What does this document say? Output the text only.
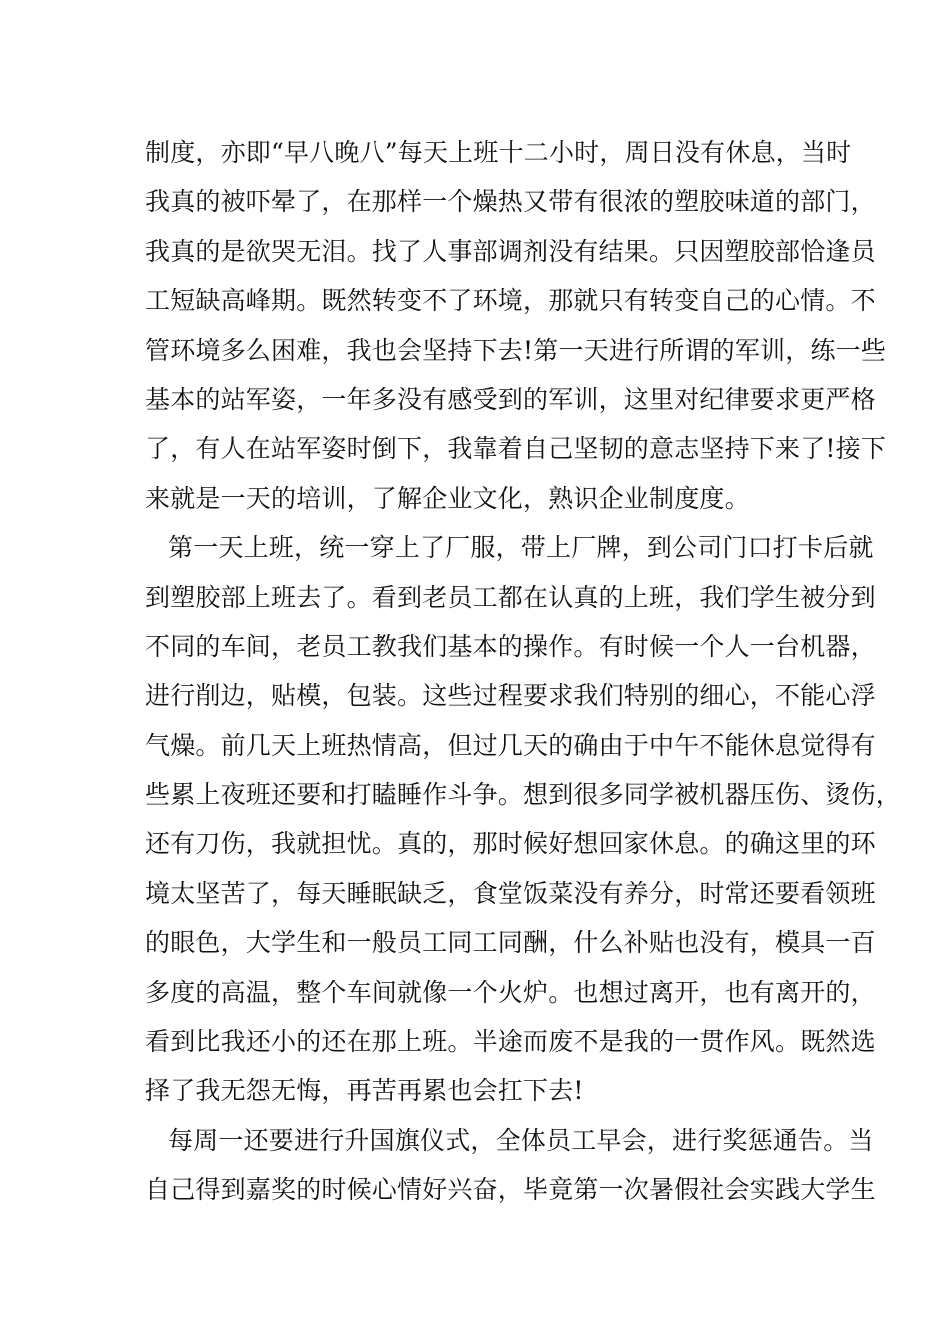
制度，亦即“早八晚八”每天上班十二小时，周日没有休息，当时
我真的被吓晕了，在那样一个燥热又带有很浓的塑胶味道的部门，
我真的是欲哭无泪。找了人事部调剂没有结果。只因塑胶部恰逢员
工短缺高峰期。既然转变不了环境，那就只有转变自己的心情。不
管环境多么困难，我也会坚持下去!第一天进行所谓的军训，练一些
基本的站军姿，一年多没有感受到的军训，这里对纪律要求更严格
了，有人在站军姿时倒下，我靠着自己坚韧的意志坚持下来了!接下
来就是一天的培训，了解企业文化，熟识企业制度度。
第一天上班，统一穿上了厂服，带上厂牌，到公司门口打卡后就
到塑胶部上班去了。看到老员工都在认真的上班，我们学生被分到
不同的车间，老员工教我们基本的操作。有时候一个人一台机器，
进行削边，贴模，包装。这些过程要求我们特别的细心，不能心浮
气燥。前几天上班热情高，但过几天的确由于中午不能休息觉得有
些累上夜班还要和打瞌睡作斗争。想到很多同学被机器压伤、烫伤，
还有刀伤，我就担忧。真的，那时候好想回家休息。的确这里的环
境太坚苦了，每天睡眠缺乏，食堂饭菜没有养分，时常还要看领班
的眼色，大学生和一般员工同工同酬，什么补贴也没有，模具一百
多度的高温，整个车间就像一个火炉。也想过离开，也有离开的，
看到比我还小的还在那上班。半途而废不是我的一贯作风。既然选
择了我无怨无悔，再苦再累也会扛下去!
每周一还要进行升国旗仪式，全体员工早会，进行奖惩通告。当
自己得到嘉奖的时候心情好兴奋，毕竟第一次暑假社会实践大学生
